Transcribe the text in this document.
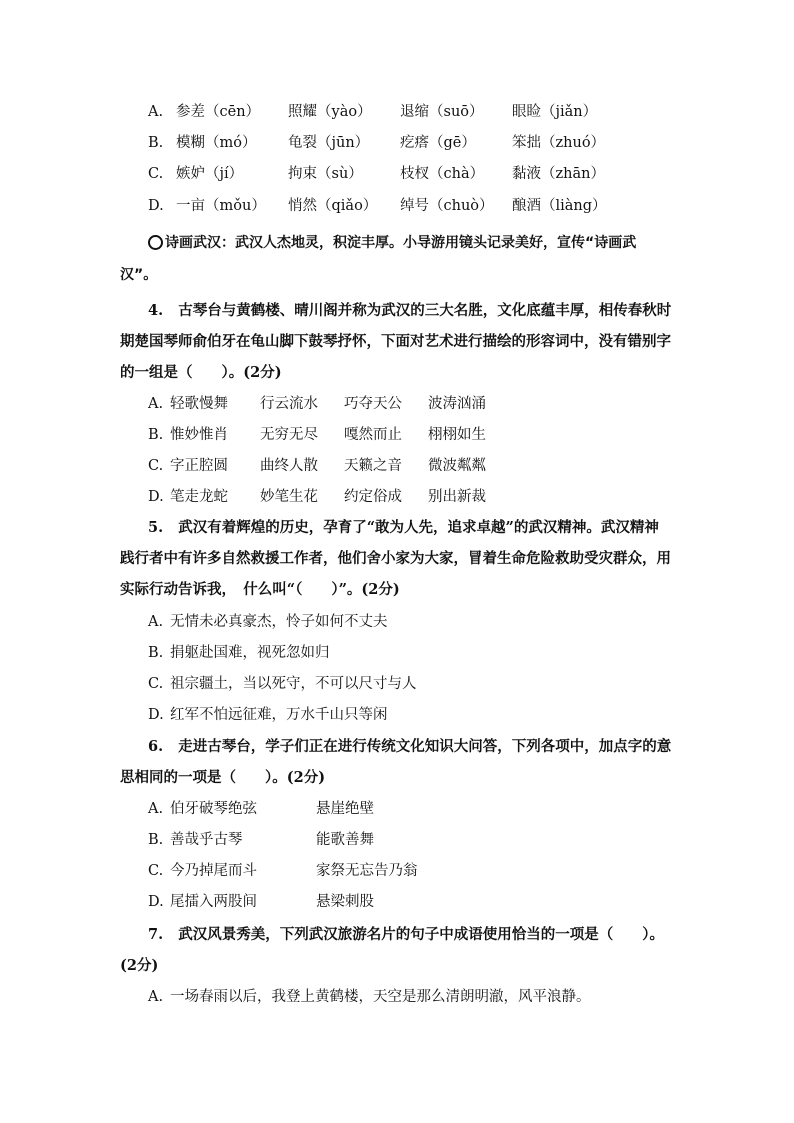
A. 参差（cēn） 照耀（yào） 退缩（suō） 眼睑（jiǎn）
B. 模糊（mó） 龟裂（jūn） 疙瘩（gē） 笨拙（zhuó）
C. 嫉妒（jí）	拘束（sù）	枝杈（chà） 黏液（zhān）
D. 一亩（mǒu） 悄然（qiǎo） 绰号（chuò） 酿酒（liàng）
诗画武汉：武汉人杰地灵，积淀丰厚。小导游用镜头记录美好，宣传“诗画武
汉”。
4. 古琴台与黄鹤楼、晴川阁并称为武汉的三大名胜，文化底蕴丰厚，相传春秋时
期楚国琴师俞伯牙在龟山脚下鼓琴抒怀，下面对艺术进行描绘的形容词中，没有错别字
的一组是（　　）。(2分)
A. 轻歌慢舞 行云流水 巧夺天公 波涛汹涌
B. 惟妙惟肖 无穷无尽 嘎然而止 栩栩如生
C. 字正腔圆 曲终人散 天籁之音 微波粼粼
D. 笔走龙蛇 妙笔生花 约定俗成 别出新裁
5. 武汉有着辉煌的历史，孕育了“敢为人先，追求卓越”的武汉精神。武汉精神
践行者中有许多自然救援工作者，他们舍小家为大家，冒着生命危险救助受灾群众，用
实际行动告诉我，　什么叫“（　　）”。(2分)
A. 无情未必真豪杰，怜子如何不丈夫
B. 捐躯赴国难，视死忽如归
C. 祖宗疆土，当以死守，不可以尺寸与人
D. 红军不怕远征难，万水千山只等闲
6. 走进古琴台，学子们正在进行传统文化知识大问答，下列各项中，加点字的意
思相同的一项是（　　）。(2分)
A. 伯牙破琴绝弦	悬崖绝壁
B. 善哉乎古琴	能歌善舞
C. 今乃掉尾而斗	家祭无忘告乃翁
D. 尾擂入两股间	悬梁刺股
7. 武汉风景秀美，下列武汉旅游名片的句子中成语使用恰当的一项是（　　）。
(2分)
A. 一场春雨以后，我登上黄鹤楼，天空是那么清朗明澈，风平浪静。
